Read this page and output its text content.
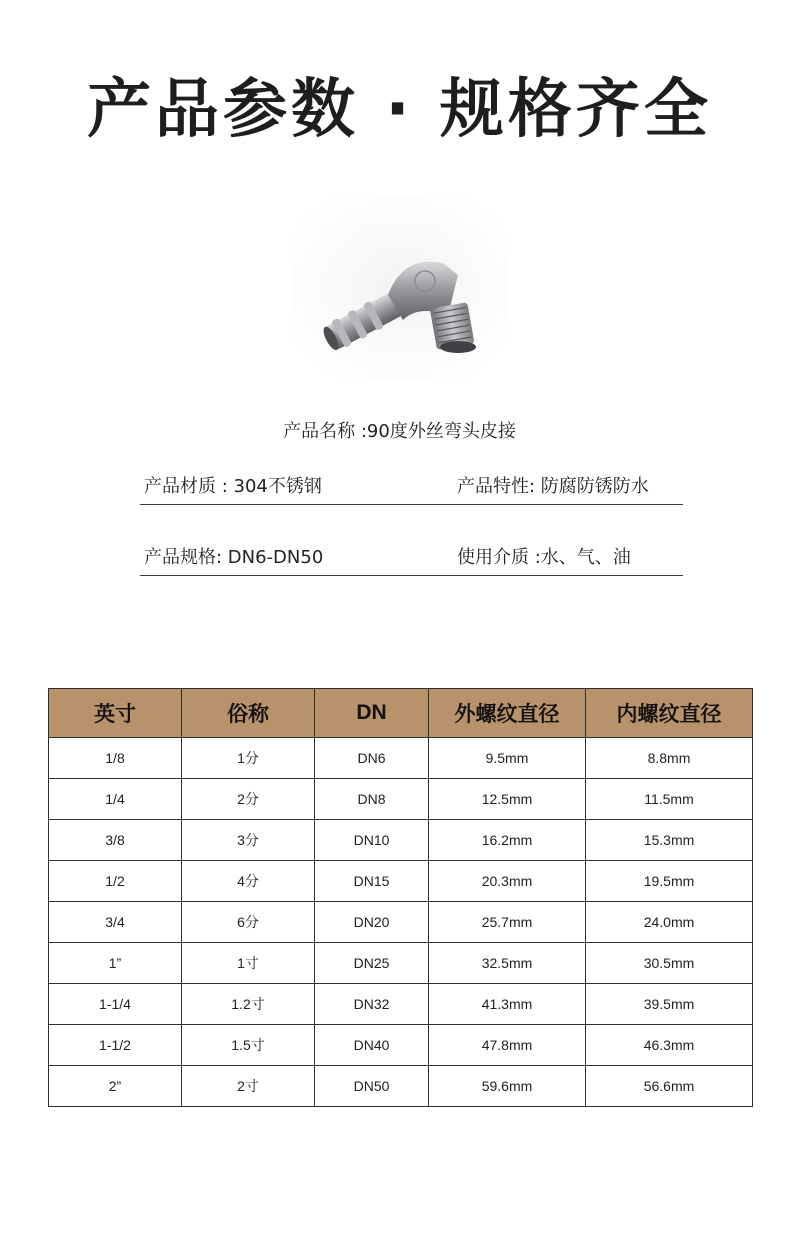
产品参数 · 规格齐全
产品名称 :90度外丝弯头皮接
产品材质 : 304不锈钢	产品特性: 防腐防锈防水
产品规格: DN6-DN50	使用介质 :水、气、油
英寸	俗称	DN	外螺纹直径	内螺纹直径
1/8	1分	DN6	9.5mm	8.8mm
1/4	2分	DN8	12.5mm	11.5mm
3/8	3分	DN10	16.2mm	15.3mm
1/2	4分	DN15	20.3mm	19.5mm
3/4	6分	DN20	25.7mm	24.0mm
1”	1寸	DN25	32.5mm	30.5mm
1-1/4	1.2寸	DN32	41.3mm	39.5mm
1-1/2	1.5寸	DN40	47.8mm	46.3mm
2”	2寸	DN50	59.6mm	56.6mm
